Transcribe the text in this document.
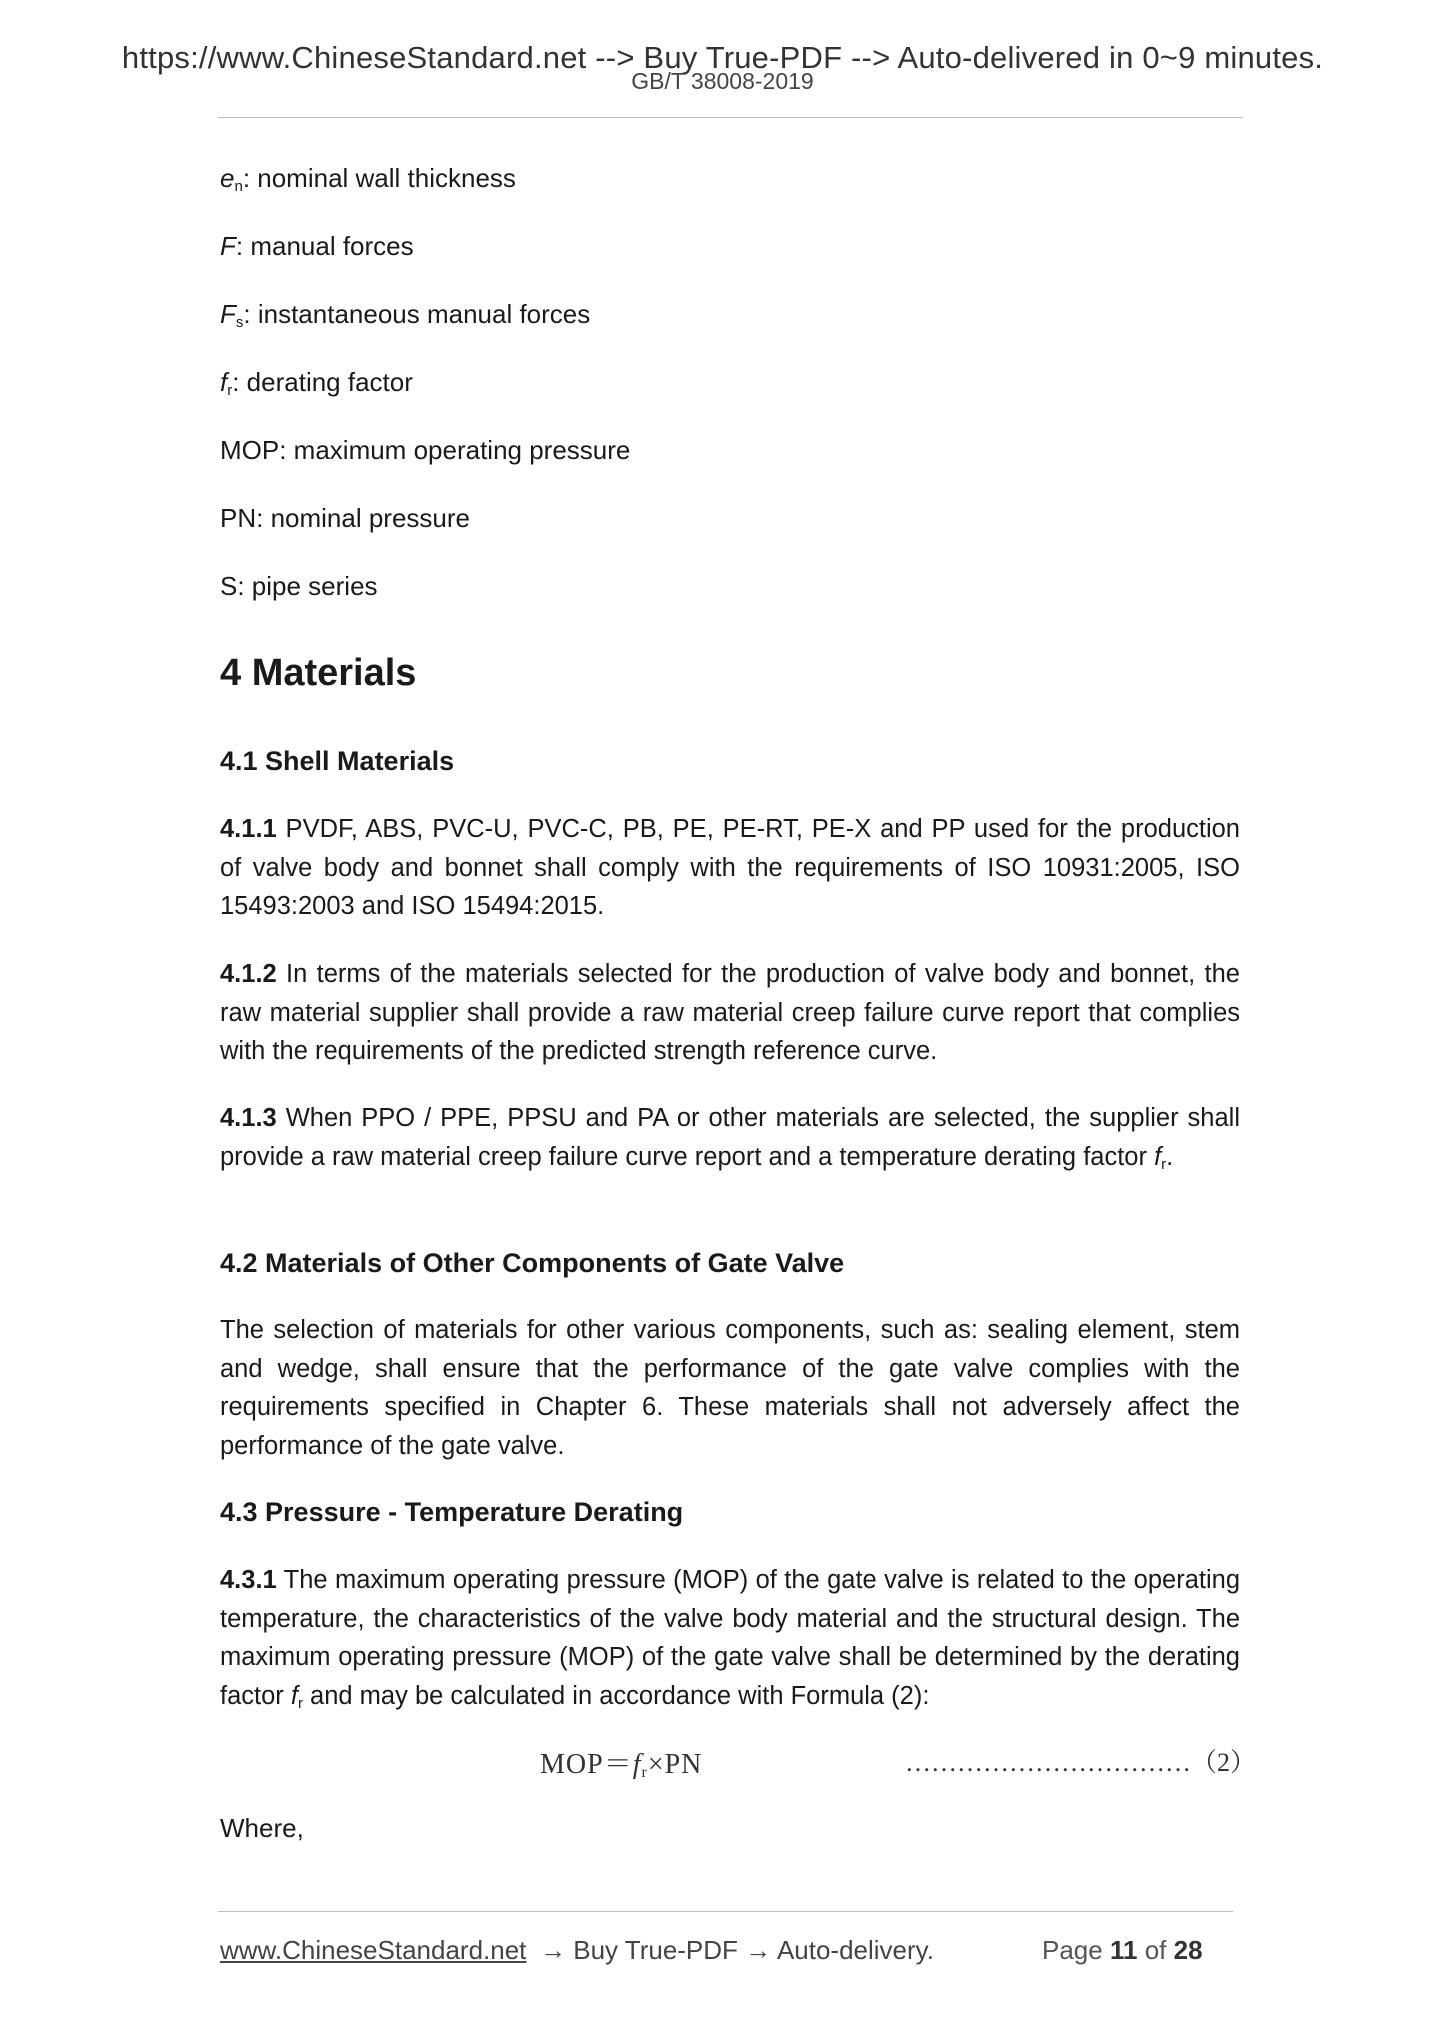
https://www.ChineseStandard.net --> Buy True-PDF --> Auto-delivered in 0~9 minutes.
GB/T 38008-2019
$e_n$: nominal wall thickness
F: manual forces
$F_s$: instantaneous manual forces
$f_r$: derating factor
MOP: maximum operating pressure
PN: nominal pressure
S: pipe series
4 Materials
4.1 Shell Materials
4.1.1 PVDF, ABS, PVC-U, PVC-C, PB, PE, PE-RT, PE-X and PP used for the production of valve body and bonnet shall comply with the requirements of ISO 10931:2005, ISO 15493:2003 and ISO 15494:2015.
4.1.2 In terms of the materials selected for the production of valve body and bonnet, the raw material supplier shall provide a raw material creep failure curve report that complies with the requirements of the predicted strength reference curve.
4.1.3 When PPO / PPE, PPSU and PA or other materials are selected, the supplier shall provide a raw material creep failure curve report and a temperature derating factor $f_r$.
4.2 Materials of Other Components of Gate Valve
The selection of materials for other various components, such as: sealing element, stem and wedge, shall ensure that the performance of the gate valve complies with the requirements specified in Chapter 6. These materials shall not adversely affect the performance of the gate valve.
4.3 Pressure - Temperature Derating
4.3.1 The maximum operating pressure (MOP) of the gate valve is related to the operating temperature, the characteristics of the valve body material and the structural design. The maximum operating pressure (MOP) of the gate valve shall be determined by the derating factor $f_r$ and may be calculated in accordance with Formula (2):
Where,
$MOP=f_r\times PN$	……………………………（2）
www.ChineseStandard.net → Buy True-PDF → Auto-delivery.	Page 11 of 28
